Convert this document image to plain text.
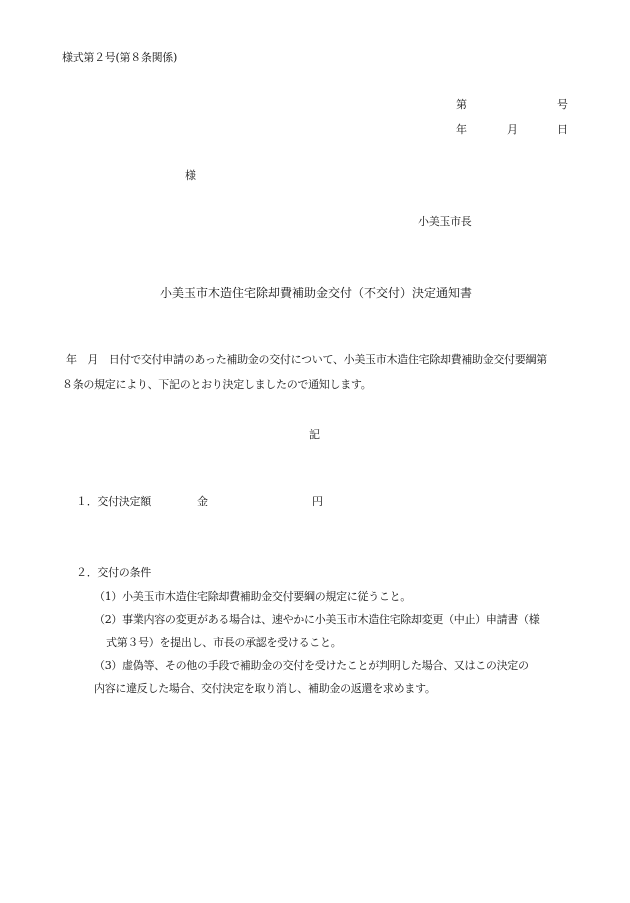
様式第２号(第８条関係)
第	号
年	月	日
様
小美玉市長
小美玉市木造住宅除却費補助金交付（不交付）決定通知書
年　月　日付で交付申請のあった補助金の交付について、小美玉市木造住宅除却費補助金交付要綱第
８条の規定により、下記のとおり決定しましたので通知します。
記
１．交付決定額	金	円
２．交付の条件
（1）小美玉市木造住宅除却費補助金交付要綱の規定に従うこと。
（2）事業内容の変更がある場合は、速やかに小美玉市木造住宅除却変更（中止）申請書（様
式第３号）を提出し、市長の承認を受けること。
（3）虚偽等、その他の手段で補助金の交付を受けたことが判明した場合、又はこの決定の
内容に違反した場合、交付決定を取り消し、補助金の返還を求めます。
